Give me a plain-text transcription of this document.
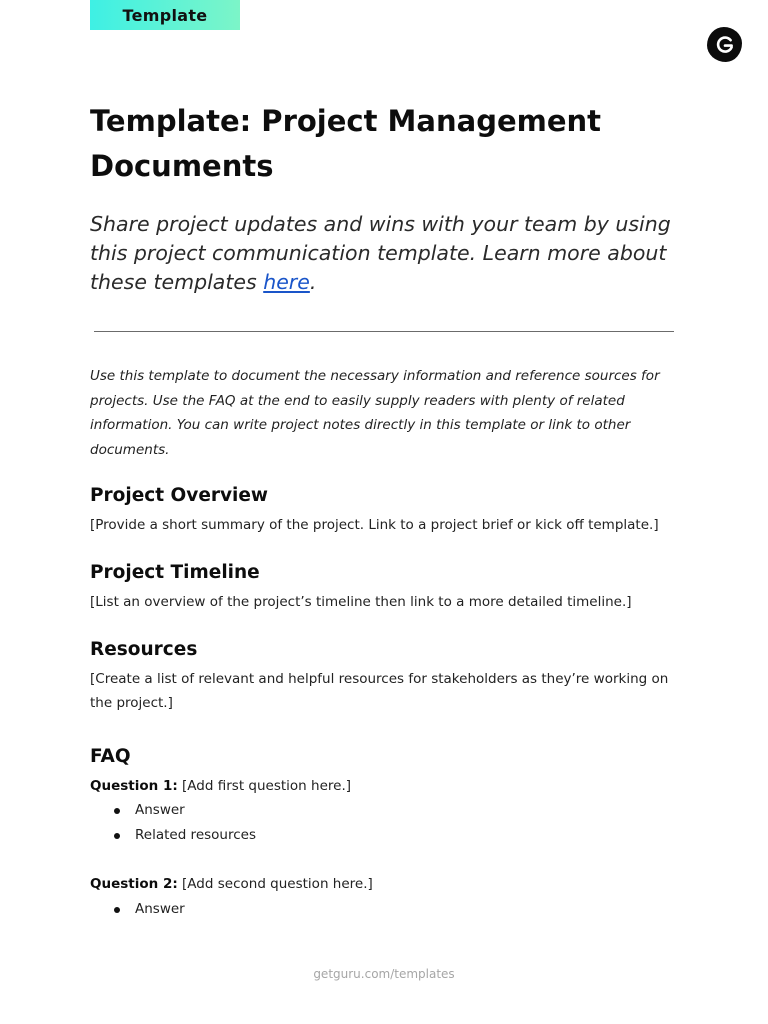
Template
Template: Project Management Documents

Share project updates and wins with your team by using this project communication template. Learn more about these templates here.

Use this template to document the necessary information and reference sources for projects. Use the FAQ at the end to easily supply readers with plenty of related information. You can write project notes directly in this template or link to other documents.

Project Overview

[Provide a short summary of the project. Link to a project brief or kick off template.]

Project Timeline

[List an overview of the project’s timeline then link to a more detailed timeline.]

Resources

[Create a list of relevant and helpful resources for stakeholders as they’re working on the project.]

FAQ

Question 1: [Add first question here.]

Answer
Related resources

Question 2: [Add second question here.]

Answer
getguru.com/templates
